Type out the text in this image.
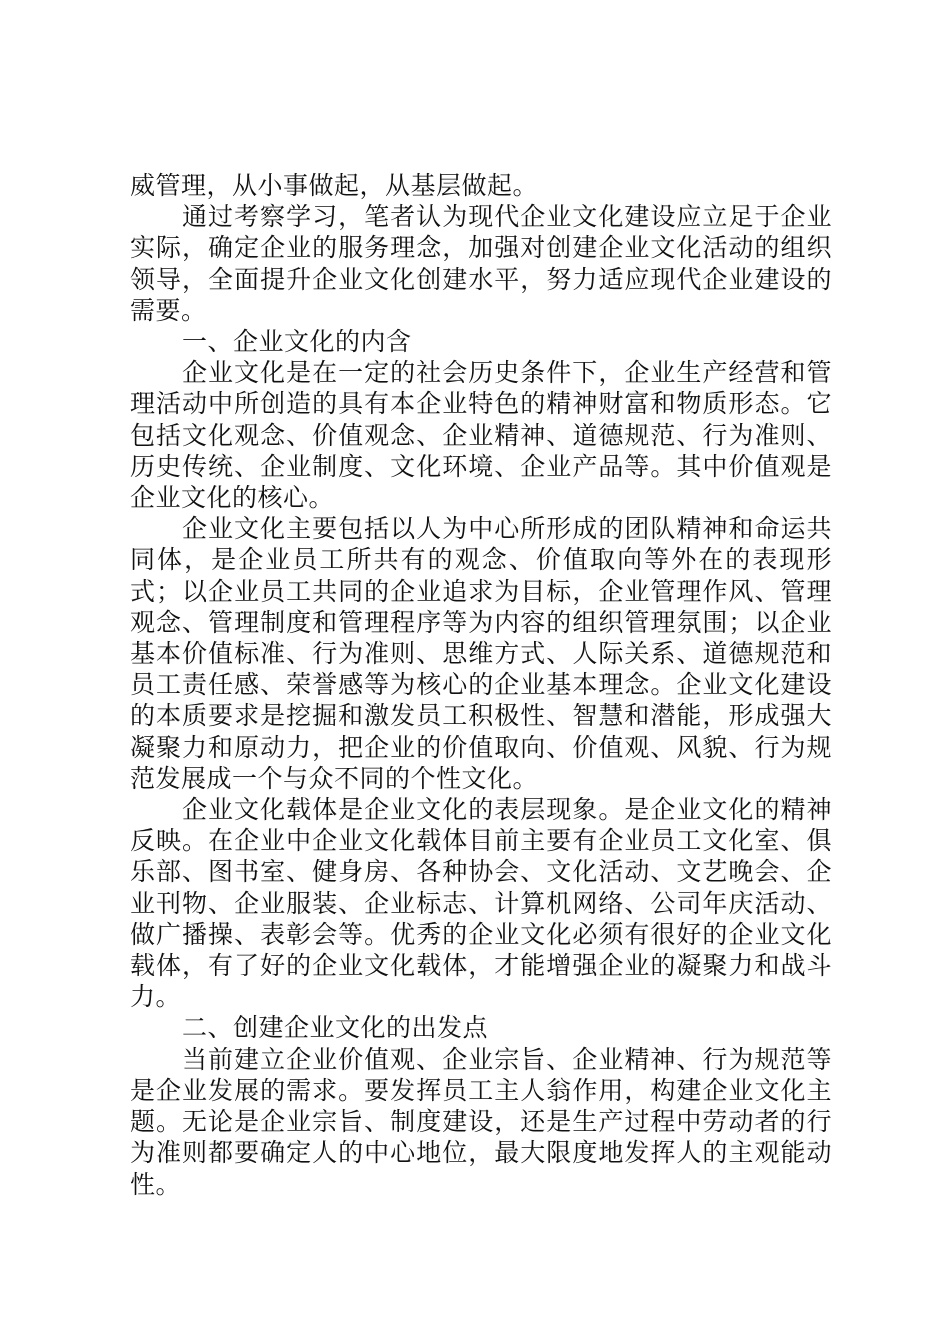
威管理，从小事做起，从基层做起。

通过考察学习，笔者认为现代企业文化建设应立足于企业实际，确定企业的服务理念，加强对创建企业文化活动的组织领导，全面提升企业文化创建水平，努力适应现代企业建设的需要。

一、企业文化的内含

企业文化是在一定的社会历史条件下，企业生产经营和管理活动中所创造的具有本企业特色的精神财富和物质形态。它包括文化观念、价值观念、企业精神、道德规范、行为准则、历史传统、企业制度、文化环境、企业产品等。其中价值观是企业文化的核心。

企业文化主要包括以人为中心所形成的团队精神和命运共同体，是企业员工所共有的观念、价值取向等外在的表现形式；以企业员工共同的企业追求为目标，企业管理作风、管理观念、管理制度和管理程序等为内容的组织管理氛围；以企业基本价值标准、行为准则、思维方式、人际关系、道德规范和员工责任感、荣誉感等为核心的企业基本理念。企业文化建设的本质要求是挖掘和激发员工积极性、智慧和潜能，形成强大凝聚力和原动力，把企业的价值取向、价值观、风貌、行为规范发展成一个与众不同的个性文化。

企业文化载体是企业文化的表层现象。是企业文化的精神反映。在企业中企业文化载体目前主要有企业员工文化室、俱乐部、图书室、健身房、各种协会、文化活动、文艺晚会、企业刊物、企业服装、企业标志、计算机网络、公司年庆活动、做广播操、表彰会等。优秀的企业文化必须有很好的企业文化载体，有了好的企业文化载体，才能增强企业的凝聚力和战斗力。

二、创建企业文化的出发点

当前建立企业价值观、企业宗旨、企业精神、行为规范等是企业发展的需求。要发挥员工主人翁作用，构建企业文化主题。无论是企业宗旨、制度建设，还是生产过程中劳动者的行为准则都要确定人的中心地位，最大限度地发挥人的主观能动性。
